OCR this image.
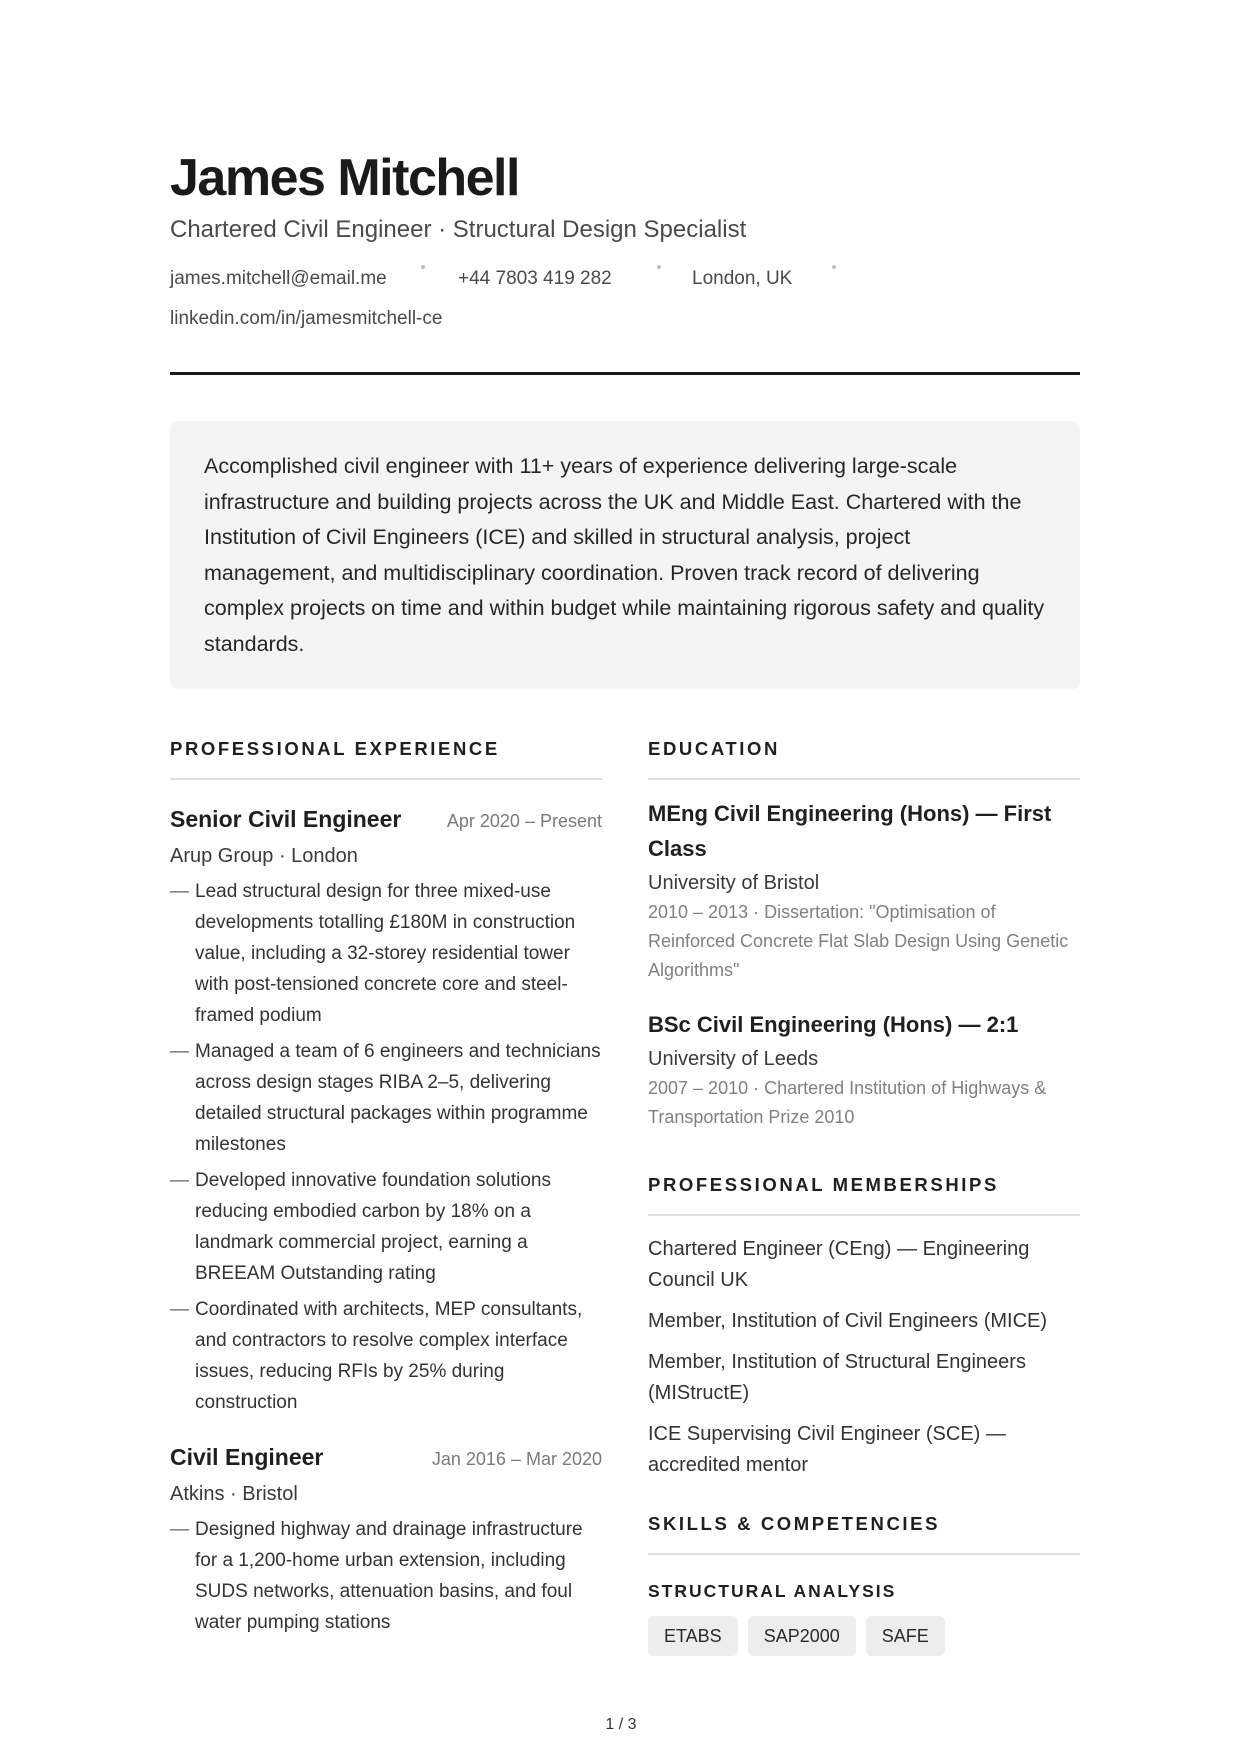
James Mitchell
Chartered Civil Engineer · Structural Design Specialist
james.mitchell@email.me	+44 7803 419 282	London, UK
linkedin.com/in/jamesmitchell-ce

Accomplished civil engineer with 11+ years of experience delivering large-scale infrastructure and building projects across the UK and Middle East. Chartered with the Institution of Civil Engineers (ICE) and skilled in structural analysis, project management, and multidisciplinary coordination. Proven track record of delivering complex projects on time and within budget while maintaining rigorous safety and quality standards.

PROFESSIONAL EXPERIENCE
Senior Civil Engineer	Apr 2020 – Present
Arup Group · London
— Lead structural design for three mixed-use developments totalling £180M in construction value, including a 32-storey residential tower with post-tensioned concrete core and steel-framed podium
— Managed a team of 6 engineers and technicians across design stages RIBA 2–5, delivering detailed structural packages within programme milestones
— Developed innovative foundation solutions reducing embodied carbon by 18% on a landmark commercial project, earning a BREEAM Outstanding rating
— Coordinated with architects, MEP consultants, and contractors to resolve complex interface issues, reducing RFIs by 25% during construction
Civil Engineer	Jan 2016 – Mar 2020
Atkins · Bristol
— Designed highway and drainage infrastructure for a 1,200-home urban extension, including SUDS networks, attenuation basins, and foul water pumping stations
EDUCATION
MEng Civil Engineering (Hons) — First Class
University of Bristol
2010 – 2013 · Dissertation: "Optimisation of Reinforced Concrete Flat Slab Design Using Genetic Algorithms"
BSc Civil Engineering (Hons) — 2:1
University of Leeds
2007 – 2010 · Chartered Institution of Highways & Transportation Prize 2010
PROFESSIONAL MEMBERSHIPS
Chartered Engineer (CEng) — Engineering Council UK
Member, Institution of Civil Engineers (MICE)
Member, Institution of Structural Engineers (MIStructE)
ICE Supervising Civil Engineer (SCE) — accredited mentor
SKILLS & COMPETENCIES
STRUCTURAL ANALYSIS
ETABS	SAP2000	SAFE
1 / 3
